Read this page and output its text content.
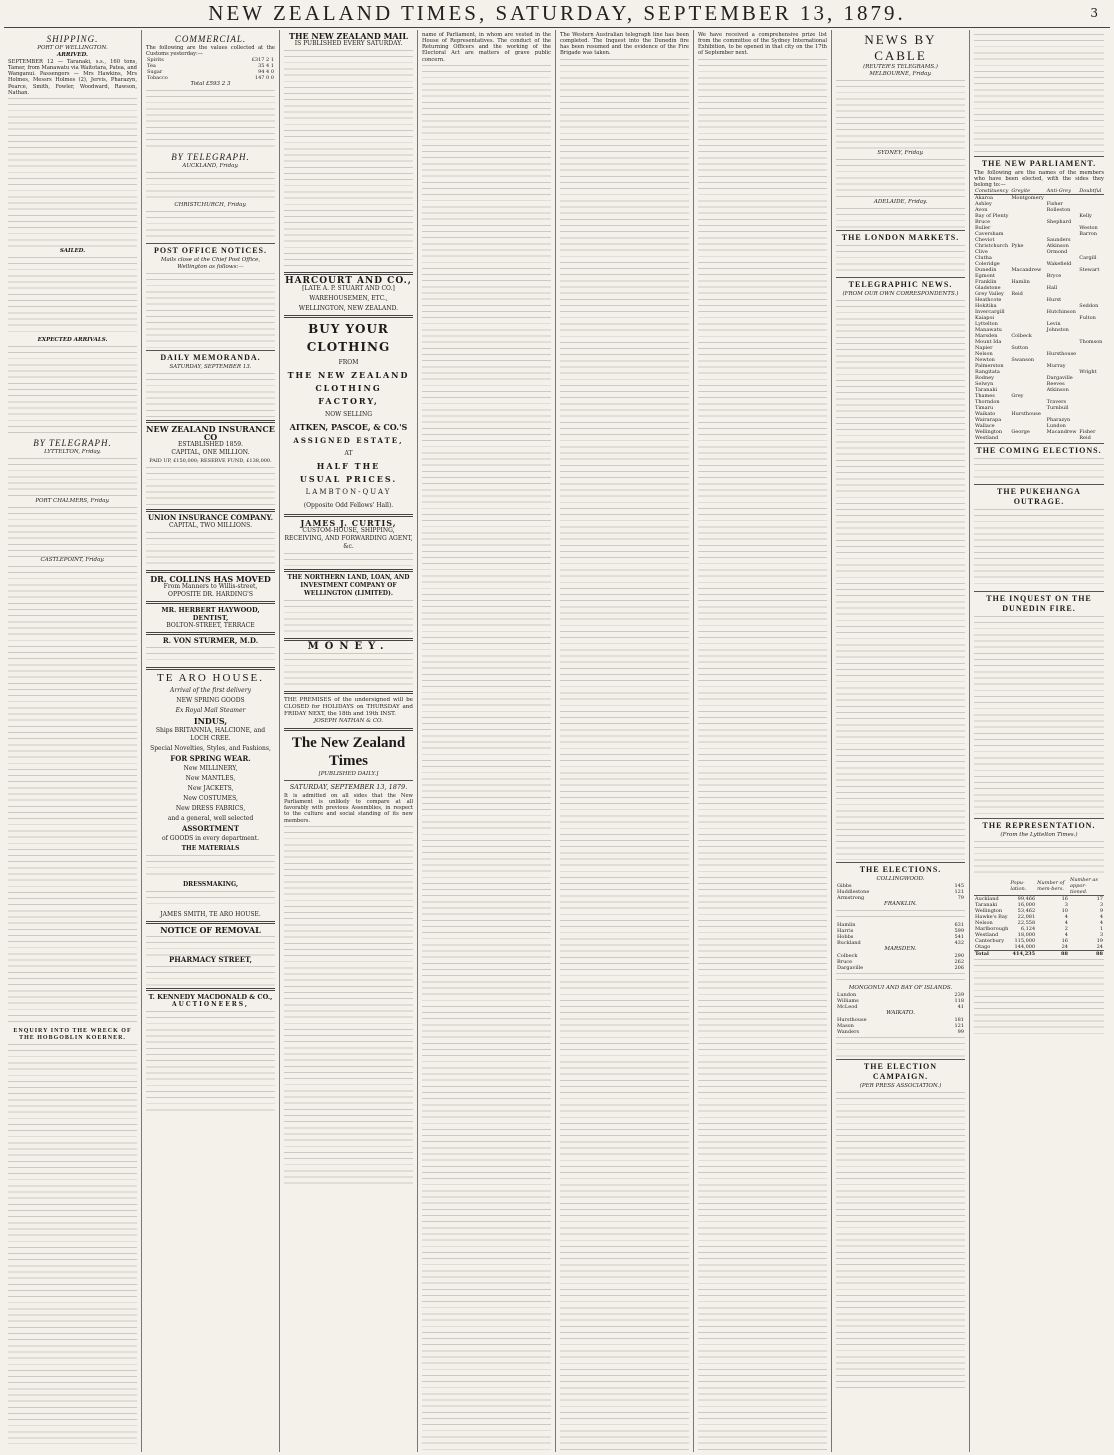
NEW ZEALAND TIMES, SATURDAY, SEPTEMBER 13, 1879.	3
SHIPPING.
PORT OF WELLINGTON.
ARRIVED.

SEPTEMBER 12 — Taranaki, s.s., 160 tons, Tamer, from Manawatu via Waitotara, Patea, and Wanganui. Passengers — Mrs Hawkins, Mrs Holmes, Messrs Holmes (2), Jervis, Pharazyn, Pearce, Smith, Fowler, Woodward, Rawson, Nathan.

SAILED.
EXPECTED ARRIVALS.
BY TELEGRAPH.
LYTTELTON, Friday.
PORT CHALMERS, Friday.
CASTLEPOINT, Friday.
ENQUIRY INTO THE WRECK OF THE HOBGOBLIN KOERNER.
COMMERCIAL.

The following are the values collected at the Customs yesterday:—

Spirits	£317 2 1
Tea	35 4 1
Sugar	94 4 0
Tobacco	147 0 0
Total £593 2 3
BY TELEGRAPH.
AUCKLAND, Friday.
CHRISTCHURCH, Friday.
POST OFFICE NOTICES.
Mails close at the Chief Post Office, Wellington as follows:—
DAILY MEMORANDA.
SATURDAY, SEPTEMBER 13.
NEW ZEALAND INSURANCE CO
ESTABLISHED 1859.
CAPITAL, ONE MILLION.
PAID UP, £150,000; RESERVE FUND, £138,000.
UNION INSURANCE COMPANY.
CAPITAL, TWO MILLIONS.
DR. COLLINS HAS MOVED
From Manners to Willis-street,
OPPOSITE DR. HARDING'S
MR. HERBERT HAYWOOD, DENTIST,
BOLTON-STREET, TERRACE
R. VON STURMER, M.D.
TE ARO HOUSE.
Arrival of the first delivery
NEW SPRING GOODS
Ex Royal Mail Steamer
INDUS,
Ships BRITANNIA, HALCIONE, and LOCH CREE.
Special Novelties, Styles, and Fashions,
FOR SPRING WEAR.
New MILLINERY,
New MANTLES,
New JACKETS,
New COSTUMES,
New DRESS FABRICS,
and a general, well selected
ASSORTMENT
of GOODS in every department.
THE MATERIALS
DRESSMAKING,
JAMES SMITH, TE ARO HOUSE.
NOTICE OF REMOVAL
PHARMACY STREET,
T. KENNEDY MACDONALD & CO.,
AUCTIONEERS,
THE NEW ZEALAND MAIL
IS PUBLISHED EVERY SATURDAY.
HARCOURT AND CO.,
[LATE A. P. STUART AND CO.]
WAREHOUSEMEN, ETC.,
WELLINGTON, NEW ZEALAND.
BUY YOUR CLOTHING
FROM
THE NEW ZEALAND
CLOTHING FACTORY,
NOW SELLING
AITKEN, PASCOE, & CO.'S
ASSIGNED ESTATE,
AT
HALF THE
USUAL PRICES.
LAMBTON-QUAY
(Opposite Odd Fellows' Hall).
JAMES J. CURTIS,
CUSTOM-HOUSE, SHIPPING, RECEIVING, AND FORWARDING AGENT, &c.
THE NORTHERN LAND, LOAN, AND INVESTMENT COMPANY OF WELLINGTON (LIMITED).
MONEY.

THE PREMISES of the undersigned will be CLOSED for HOLIDAYS on THURSDAY and FRIDAY NEXT, the 18th and 19th INST.

JOSEPH NATHAN & CO.
The New Zealand Times
[PUBLISHED DAILY.]
SATURDAY, SEPTEMBER 13, 1879.

It is admitted on all sides that the New Parliament is unlikely to compare at all favorably with previous Assemblies, in respect to the culture and social standing of its new members.

name of Parliament, in whom are vested in the House of Representatives. The conduct of the Returning Officers and the working of the Electoral Act are matters of grave public concern.

The Western Australian telegraph line has been completed. The Inquest into the Dunedin fire has been resumed and the evidence of the Fire Brigade was taken.

We have received a comprehensive prize list from the committee of the Sydney International Exhibition, to be opened in that city on the 17th of September next.

NEWS BY CABLE
(REUTER'S TELEGRAMS.)
MELBOURNE, Friday.
SYDNEY, Friday.
ADELAIDE, Friday.
THE LONDON MARKETS.
TELEGRAPHIC NEWS.
(FROM OUR OWN CORRESPONDENTS.)
THE ELECTIONS.
COLLINGWOOD.
Gibbs	145
Huddlestone	121
Armstrong	79
FRANKLIN.
Hamlin	631
Harris	599
Hobbs	541
Buckland	432
MARSDEN.
Colbeck	290
Bruce	262
Dargaville	206
MONGONUI AND BAY OF ISLANDS.
Lundon	239
Williams	118
McLeod	41
WAIKATO.
Hursthouse	181
Mason	121
Wanders	99
THE ELECTION CAMPAIGN.
(PER PRESS ASSOCIATION.)
THE NEW PARLIAMENT.

The following are the names of the members who have been elected, with the sides they belong to:—

Constituency	Greyite	Anti-Grey	Doubtful
Akaroa	Montgomery		
Ashley		Fisher	
Avon		Rolleston	
Bay of Plenty			Kelly
Bruce		Shephard	
Buller			Weston
Caversham			Barron
Cheviot		Saunders	
Christchurch	Pyke	Atkinson	
Clive		Ormond	
Clutha			Cargill
Coleridge		Wakefield	
Dunedin	Macandrew		Stewart
Egmont		Bryce	
Franklin	Hamlin		
Gladstone		Hall	
Grey Valley	Reid		
Heathcote		Hurst	
Hokitika			Seddon
Invercargill		Hutchinson	
Kaiapoi			Fulton
Lyttelton		Levin	
Manawatu		Johnston	
Marsden	Colbeck		
Mount Ida			Thomson
Napier	Sutton		
Nelson		Hursthouse	
Newton	Swanson		
Palmerston		Murray	
Rangitata			Wright
Rodney		Dargaville	
Selwyn		Reeves	
Taranaki		Atkinson	
Thames	Grey		
Thorndon		Travers	
Timaru		Turnbull	
Waikato	Hursthouse		
Wairarapa		Pharazyn	
Wallace		Lundon	
Wellington	George	Macandrew	Fisher
Westland			Reid
THE COMING ELECTIONS.
THE PUKEHANGA OUTRAGE.
THE INQUEST ON THE DUNEDIN FIRE.
THE REPRESENTATION.
(From the Lyttelton Times.)
	Popu-lation.	Number of mem-bers.	Number as appor-tioned.
Auckland	99,466	16	17
Taranaki	16,000	3	3
Wellington	53,462	10	9
Hawke's Bay	22,081	4	4
Nelson	22,558	4	4
Marlborough	6,124	2	1
Westland	18,000	4	3
Canterbury	115,000	16	19
Otago	144,000	24	24
Total	414,235	88	88
